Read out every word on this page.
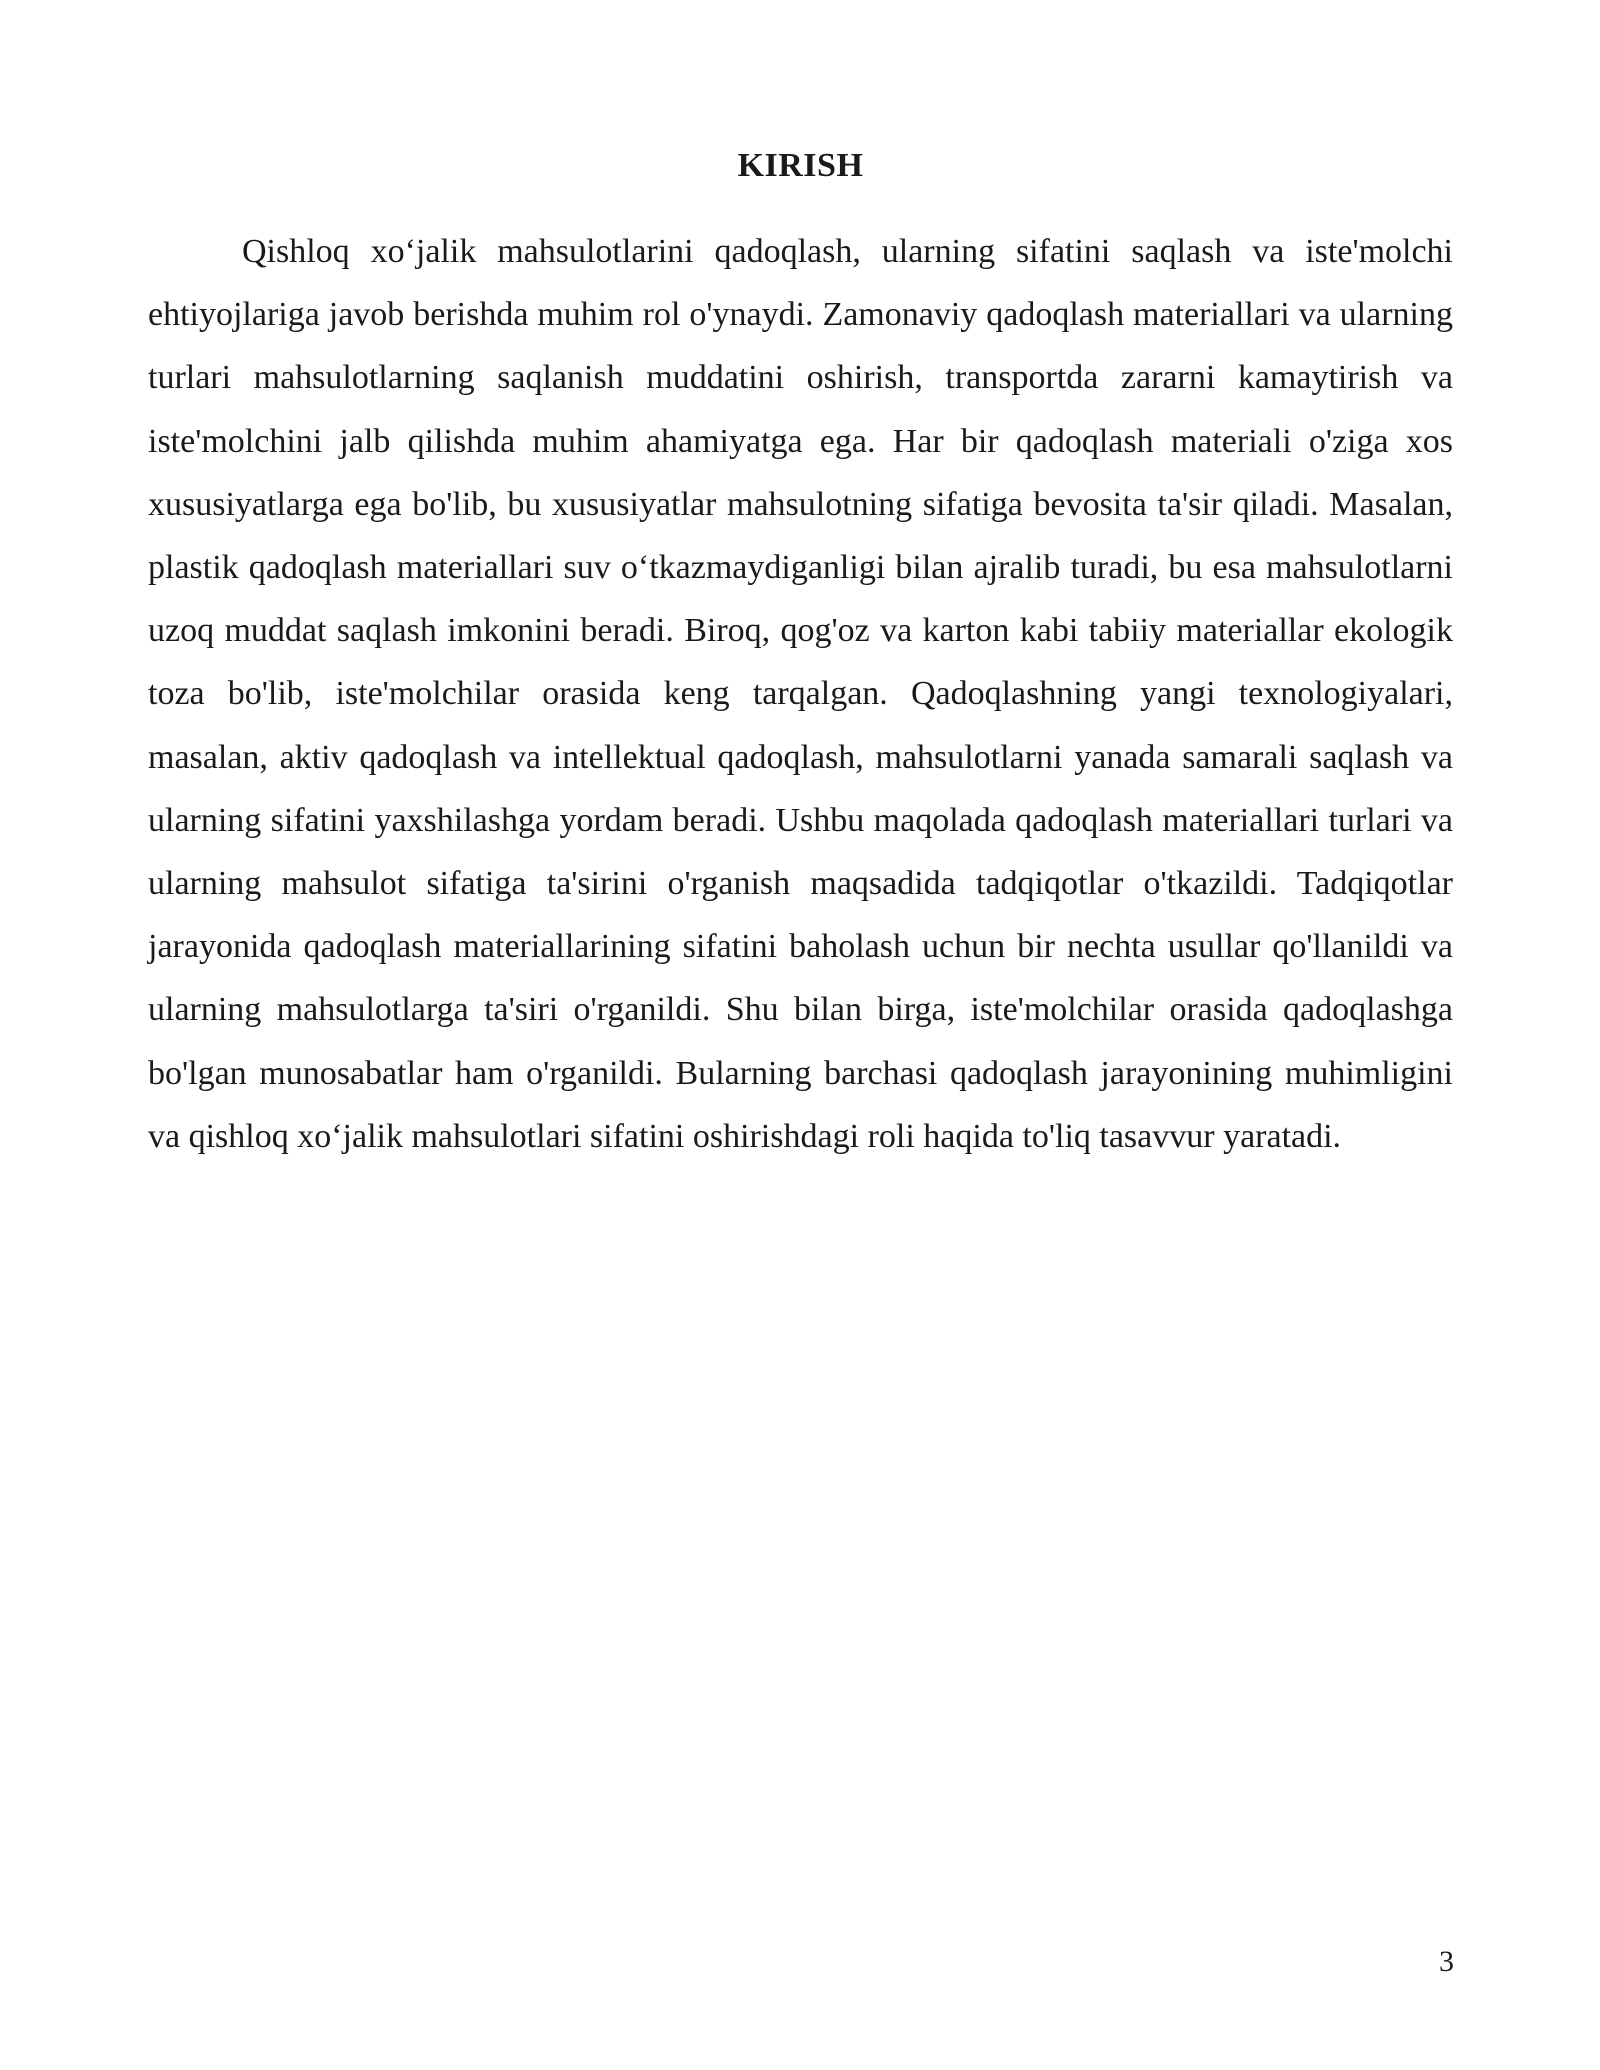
KIRISH

Qishloq xo‘jalik mahsulotlarini qadoqlash, ularning sifatini saqlash va iste'molchi ehtiyojlariga javob berishda muhim rol o'ynaydi. Zamonaviy qadoqlash materiallari va ularning turlari mahsulotlarning saqlanish muddatini oshirish, transportda zararni kamaytirish va iste'molchini jalb qilishda muhim ahamiyatga ega. Har bir qadoqlash materiali o'ziga xos xususiyatlarga ega bo'lib, bu xususiyatlar mahsulotning sifatiga bevosita ta'sir qiladi. Masalan, plastik qadoqlash materiallari suv o‘tkazmaydiganligi bilan ajralib turadi, bu esa mahsulotlarni uzoq muddat saqlash imkonini beradi. Biroq, qog'oz va karton kabi tabiiy materiallar ekologik toza bo'lib, iste'molchilar orasida keng tarqalgan. Qadoqlashning yangi texnologiyalari, masalan, aktiv qadoqlash va intellektual qadoqlash, mahsulotlarni yanada samarali saqlash va ularning sifatini yaxshilashga yordam beradi. Ushbu maqolada qadoqlash materiallari turlari va ularning mahsulot sifatiga ta'sirini o'rganish maqsadida tadqiqotlar o'tkazildi. Tadqiqotlar jarayonida qadoqlash materiallarining sifatini baholash uchun bir nechta usullar qo'llanildi va ularning mahsulotlarga ta'siri o'rganildi. Shu bilan birga, iste'molchilar orasida qadoqlashga bo'lgan munosabatlar ham o'rganildi. Bularning barchasi qadoqlash jarayonining muhimligini va qishloq xo‘jalik mahsulotlari sifatini oshirishdagi roli haqida to'liq tasavvur yaratadi.

3
